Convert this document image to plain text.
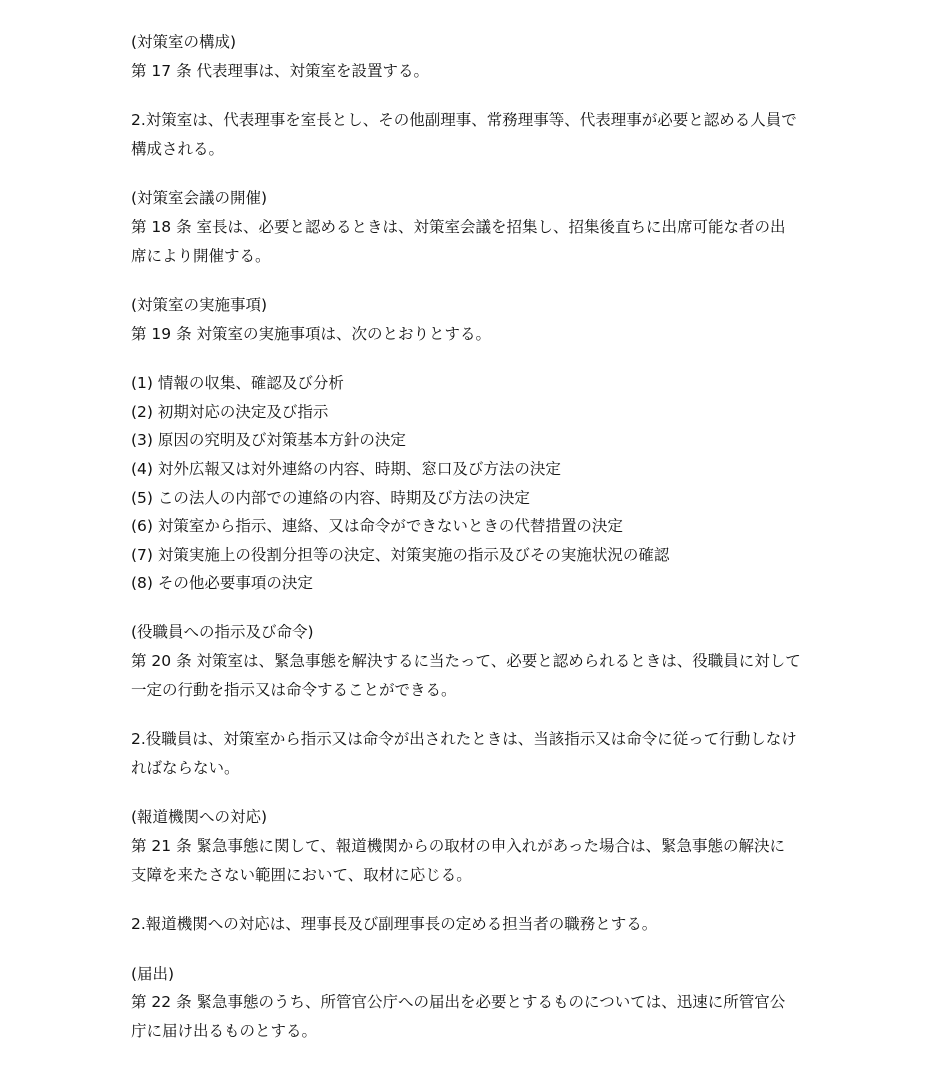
(対策室の構成)
第 17 条 代表理事は、対策室を設置する。
2.対策室は、代表理事を室長とし、その他副理事、常務理事等、代表理事が必要と認める人員で
構成される。
(対策室会議の開催)
第 18 条 室長は、必要と認めるときは、対策室会議を招集し、招集後直ちに出席可能な者の出
席により開催する。
(対策室の実施事項)
第 19 条 対策室の実施事項は、次のとおりとする。
(1) 情報の収集、確認及び分析
(2) 初期対応の決定及び指示
(3) 原因の究明及び対策基本方針の決定
(4) 対外広報又は対外連絡の内容、時期、窓口及び方法の決定
(5) この法人の内部での連絡の内容、時期及び方法の決定
(6) 対策室から指示、連絡、又は命令ができないときの代替措置の決定
(7) 対策実施上の役割分担等の決定、対策実施の指示及びその実施状況の確認
(8) その他必要事項の決定
(役職員への指示及び命令)
第 20 条 対策室は、緊急事態を解決するに当たって、必要と認められるときは、役職員に対して
一定の行動を指示又は命令することができる。
2.役職員は、対策室から指示又は命令が出されたときは、当該指示又は命令に従って行動しなけ
ればならない。
(報道機関への対応)
第 21 条 緊急事態に関して、報道機関からの取材の申入れがあった場合は、緊急事態の解決に
支障を来たさない範囲において、取材に応じる。
2.報道機関への対応は、理事長及び副理事長の定める担当者の職務とする。
(届出)
第 22 条 緊急事態のうち、所管官公庁への届出を必要とするものについては、迅速に所管官公
庁に届け出るものとする。
